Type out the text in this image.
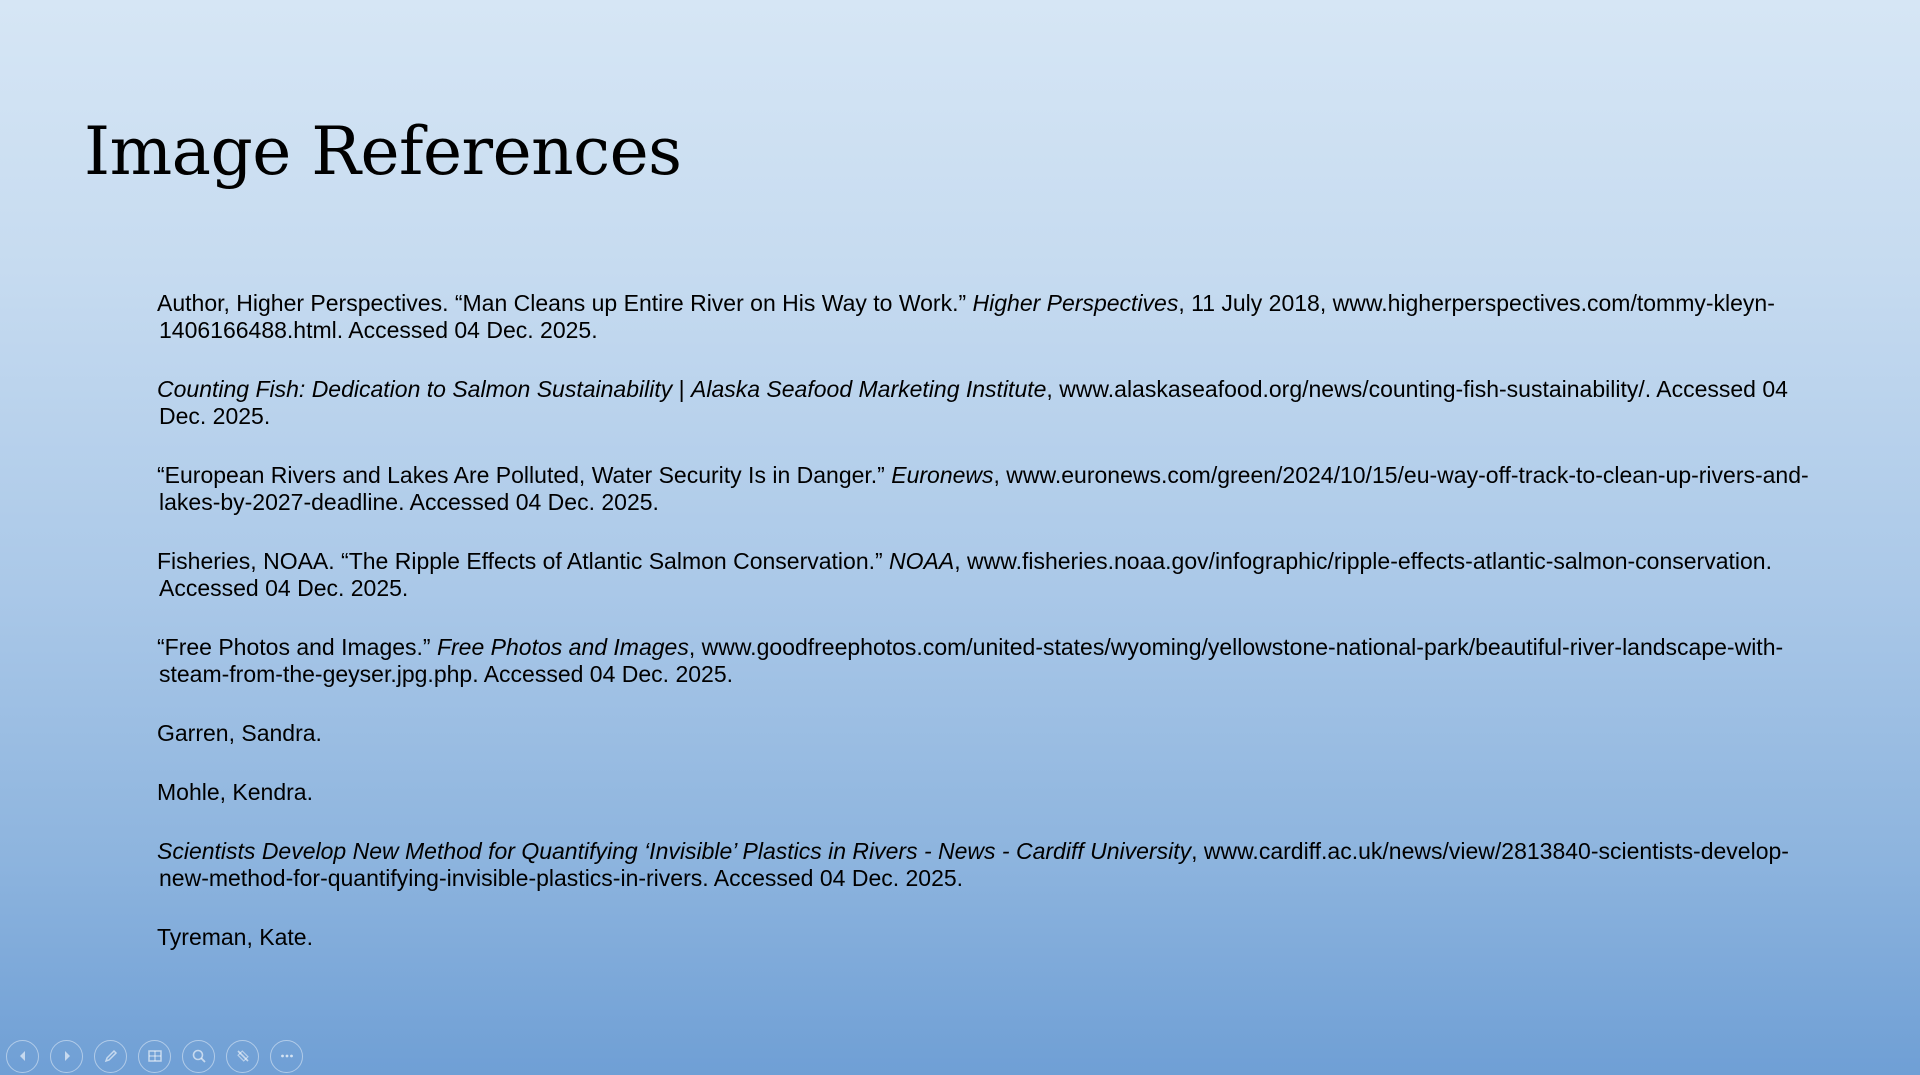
Image References
Author, Higher Perspectives. “Man Cleans up Entire River on His Way to Work.” Higher Perspectives, 11 July 2018, www.higherperspectives.com/tommy-kleyn-1406166488.html. Accessed 04 Dec. 2025.
Counting Fish: Dedication to Salmon Sustainability | Alaska Seafood Marketing Institute, www.alaskaseafood.org/news/counting-fish-sustainability/. Accessed 04 Dec. 2025.
“European Rivers and Lakes Are Polluted, Water Security Is in Danger.” Euronews, www.euronews.com/green/2024/10/15/eu-way-off-track-to-clean-up-rivers-and-lakes-by-2027-deadline. Accessed 04 Dec. 2025.
Fisheries, NOAA. “The Ripple Effects of Atlantic Salmon Conservation.” NOAA, www.fisheries.noaa.gov/infographic/ripple-effects-atlantic-salmon-conservation. Accessed 04 Dec. 2025.
“Free Photos and Images.” Free Photos and Images, www.goodfreephotos.com/united-states/wyoming/yellowstone-national-park/beautiful-river-landscape-with-steam-from-the-geyser.jpg.php. Accessed 04 Dec. 2025.
Garren, Sandra.
Mohle, Kendra.
Scientists Develop New Method for Quantifying ‘Invisible’ Plastics in Rivers - News - Cardiff University, www.cardiff.ac.uk/news/view/2813840-scientists-develop-new-method-for-quantifying-invisible-plastics-in-rivers. Accessed 04 Dec. 2025.
Tyreman, Kate.
